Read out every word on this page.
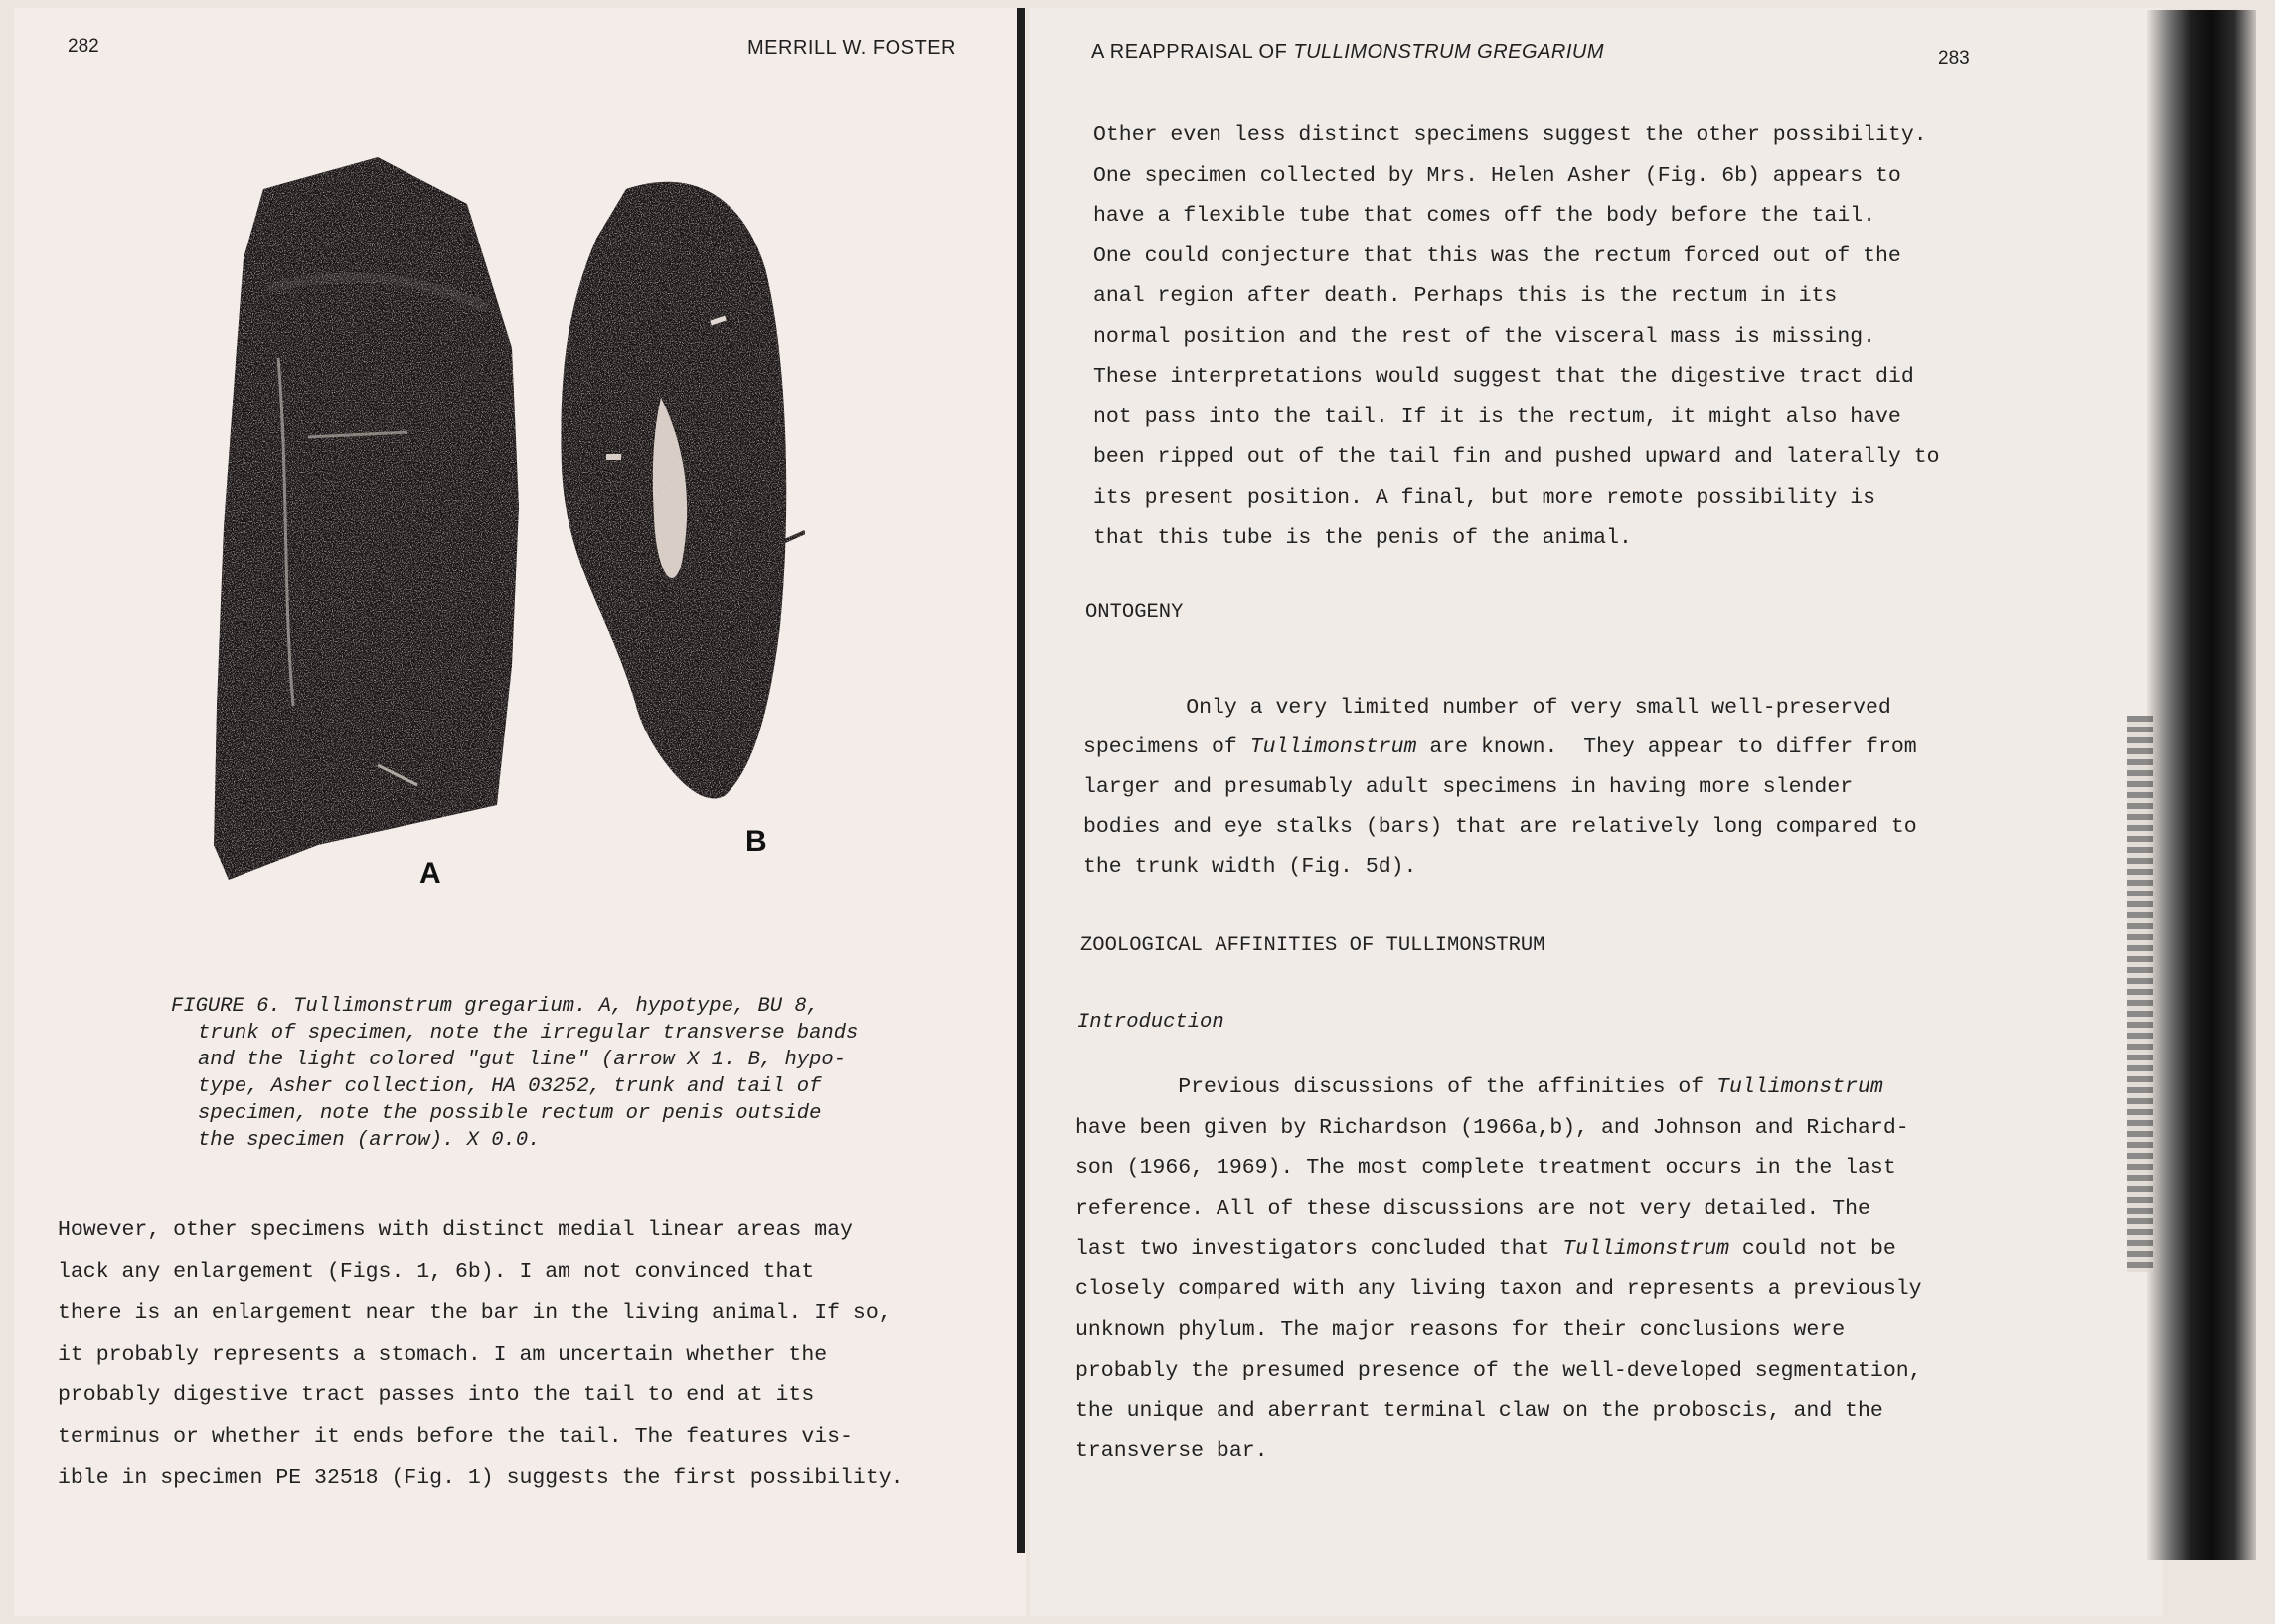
282	MERRILL W. FOSTER
A
B
FIGURE 6. Tullimonstrum gregarium. A, hypotype, BU 8,
trunk of specimen, note the irregular transverse bands
and the light colored "gut line" (arrow X 1. B, hypo-
type, Asher collection, HA 03252, trunk and tail of
specimen, note the possible rectum or penis outside
the specimen (arrow). X 0.0.
However, other specimens with distinct medial linear areas may
lack any enlargement (Figs. 1, 6b). I am not convinced that
there is an enlargement near the bar in the living animal. If so,
it probably represents a stomach. I am uncertain whether the
probably digestive tract passes into the tail to end at its
terminus or whether it ends before the tail. The features vis-
ible in specimen PE 32518 (Fig. 1) suggests the first possibility.
A REAPPRAISAL OF TULLIMONSTRUM GREGARIUM	283
Other even less distinct specimens suggest the other possibility.
One specimen collected by Mrs. Helen Asher (Fig. 6b) appears to
have a flexible tube that comes off the body before the tail.
One could conjecture that this was the rectum forced out of the
anal region after death. Perhaps this is the rectum in its
normal position and the rest of the visceral mass is missing.
These interpretations would suggest that the digestive tract did
not pass into the tail. If it is the rectum, it might also have
been ripped out of the tail fin and pushed upward and laterally to
its present position. A final, but more remote possibility is
that this tube is the penis of the animal.
ONTOGENY
Only a very limited number of very small well-preserved
specimens of Tullimonstrum are known.  They appear to differ from
larger and presumably adult specimens in having more slender
bodies and eye stalks (bars) that are relatively long compared to
the trunk width (Fig. 5d).
ZOOLOGICAL AFFINITIES OF TULLIMONSTRUM
Introduction
Previous discussions of the affinities of Tullimonstrum
have been given by Richardson (1966a,b), and Johnson and Richard-
son (1966, 1969). The most complete treatment occurs in the last
reference. All of these discussions are not very detailed. The
last two investigators concluded that Tullimonstrum could not be
closely compared with any living taxon and represents a previously
unknown phylum. The major reasons for their conclusions were
probably the presumed presence of the well-developed segmentation,
the unique and aberrant terminal claw on the proboscis, and the
transverse bar.
